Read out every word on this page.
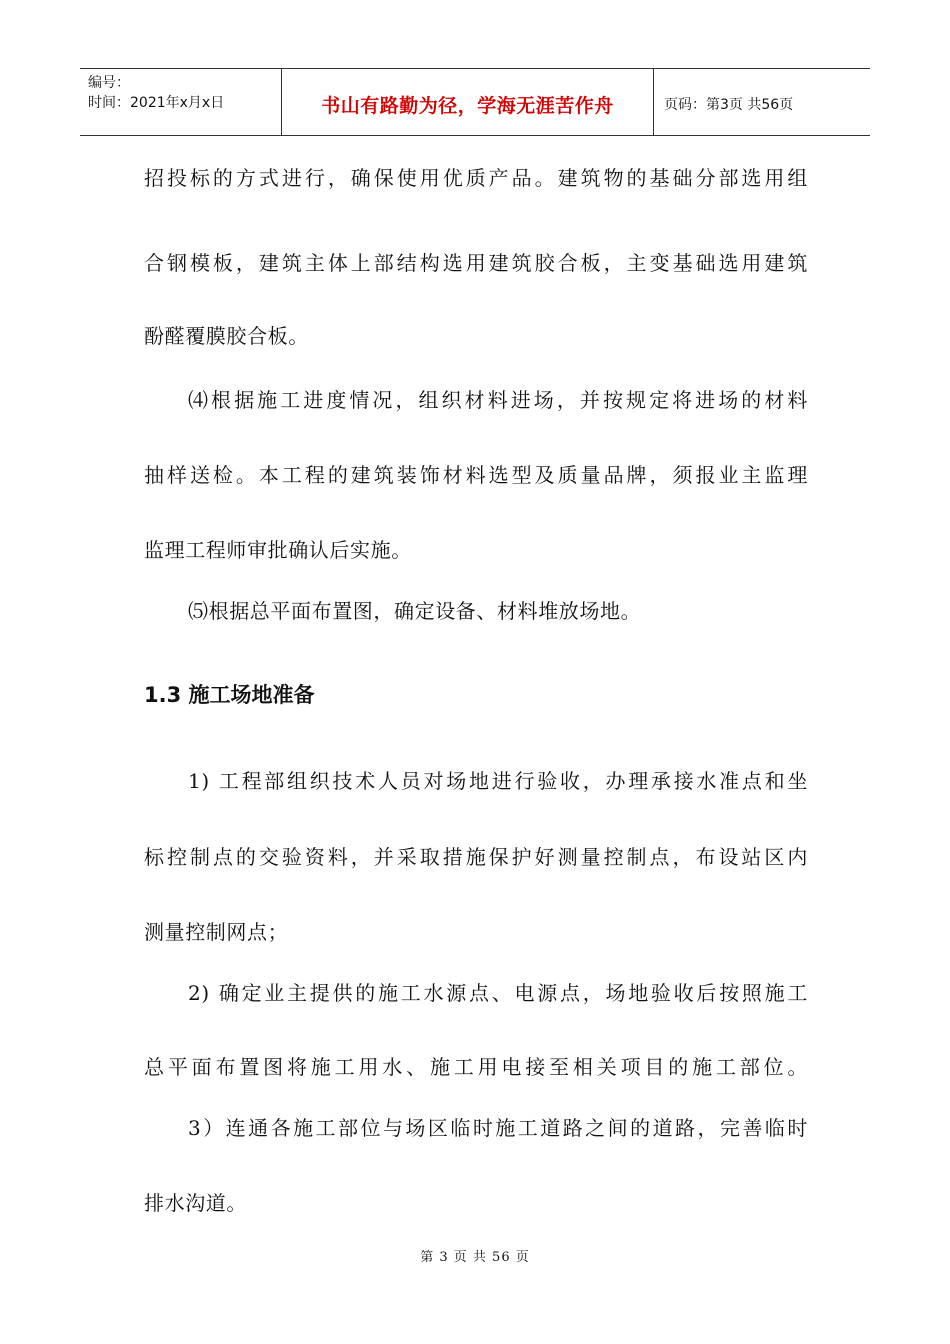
编号：
时间：2021年x月x日	书山有路勤为径，学海无涯苦作舟	页码：第3页 共56页
招投标的方式进行，确保使用优质产品。建筑物的基础分部选用组
合钢模板，建筑主体上部结构选用建筑胶合板，主变基础选用建筑
酚醛覆膜胶合板。
⑷根据施工进度情况，组织材料进场，并按规定将进场的材料
抽样送检。本工程的建筑装饰材料选型及质量品牌，须报业主监理
监理工程师审批确认后实施。
⑸根据总平面布置图，确定设备、材料堆放场地。
1.3 施工场地准备
1) 工程部组织技术人员对场地进行验收，办理承接水准点和坐
标控制点的交验资料，并采取措施保护好测量控制点，布设站区内
测量控制网点；
2) 确定业主提供的施工水源点、电源点，场地验收后按照施工
总平面布置图将施工用水、施工用电接至相关项目的施工部位。
3）连通各施工部位与场区临时施工道路之间的道路，完善临时
排水沟道。
第 3 页 共 56 页
